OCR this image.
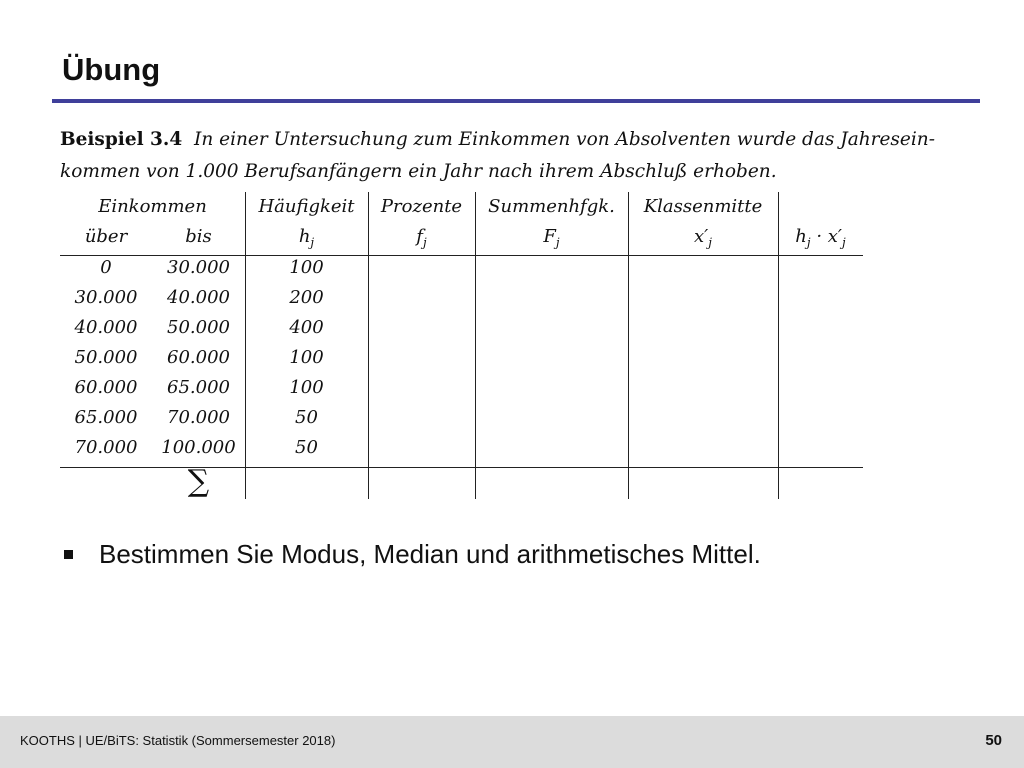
Übung
Beispiel 3.4 In einer Untersuchung zum Einkommen von Absolventen wurde das Jahresein-
kommen von 1.000 Berufsanfängern ein Jahr nach ihrem Abschluß erhoben.
Einkommen	Häufigkeit	Prozente	Summenhfgk.	Klassenmitte
über	bis	$h_j$	$f_j$	$F_j$	$x'_j$	$h_j \cdot x'_j$
0	30.000	100
30.000	40.000	200
40.000	50.000	400
50.000	60.000	100
60.000	65.000	100
65.000	70.000	50
70.000	100.000	50
∑
Bestimmen Sie Modus, Median und arithmetisches Mittel.
KOOTHS | UE/BiTS: Statistik (Sommersemester 2018)	50
